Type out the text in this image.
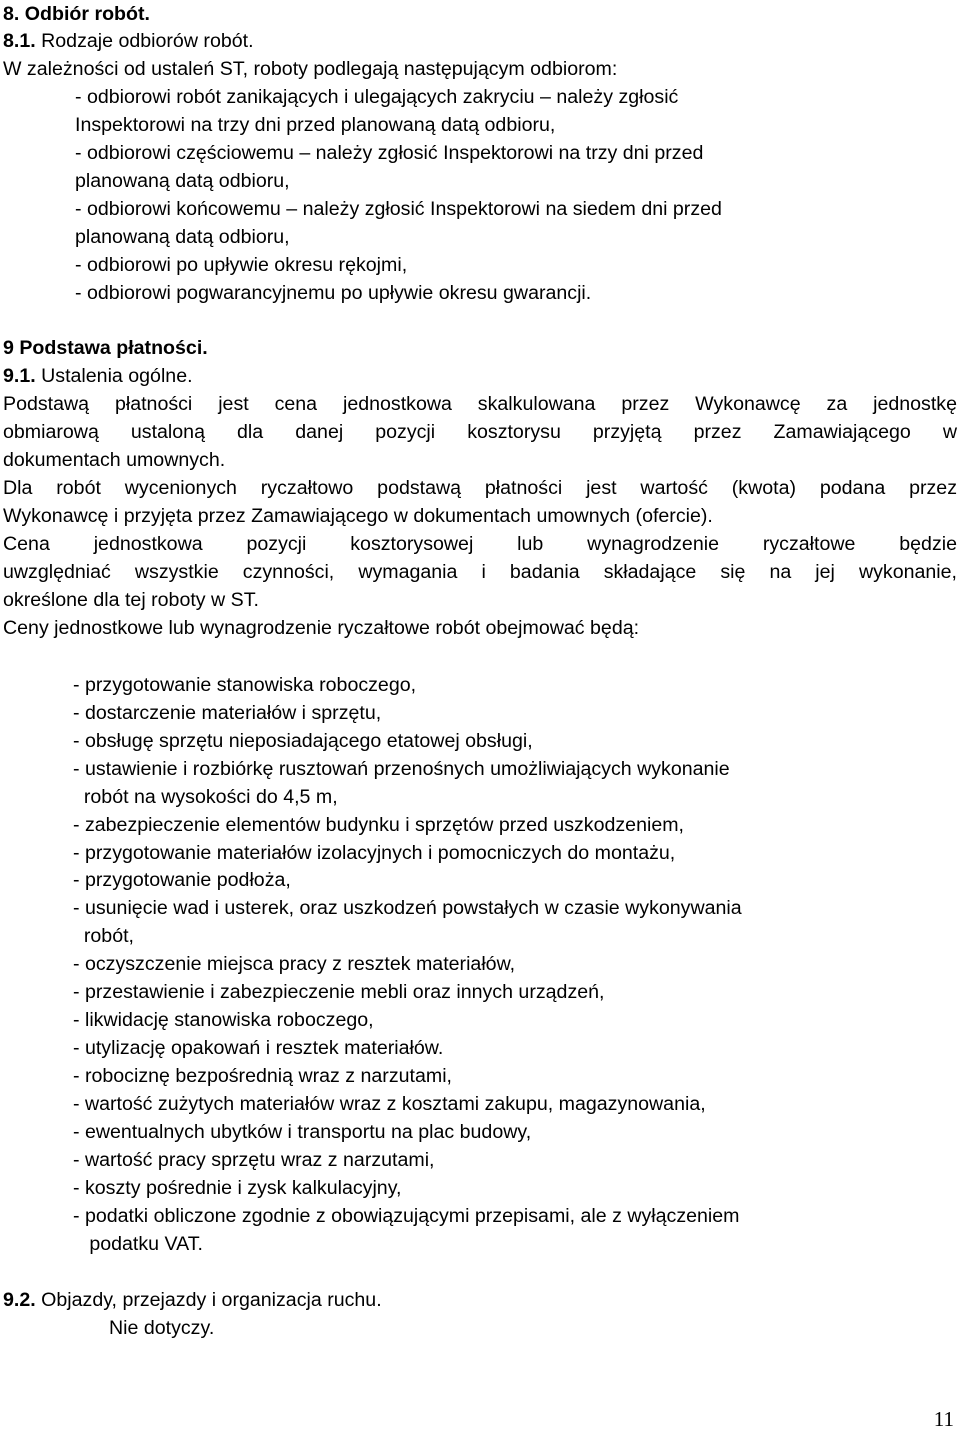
8. Odbiór robót.
8.1. Rodzaje odbiorów robót.
W zależności od ustaleń ST, roboty podlegają następującym odbiorom:
- odbiorowi robót zanikających i ulegających zakryciu – należy zgłosić
Inspektorowi na trzy dni przed planowaną datą odbioru,
- odbiorowi częściowemu – należy zgłosić Inspektorowi na trzy dni przed
planowaną datą odbioru,
- odbiorowi końcowemu – należy zgłosić Inspektorowi na siedem dni przed
planowaną datą odbioru,
- odbiorowi po upływie okresu rękojmi,
- odbiorowi pogwarancyjnemu po upływie okresu gwarancji.
9 Podstawa płatności.
9.1. Ustalenia ogólne.
Podstawą płatności jest cena jednostkowa skalkulowana przez Wykonawcę za jednostkę
obmiarową ustaloną dla danej pozycji kosztorysu przyjętą przez Zamawiającego w
dokumentach umownych.
Dla robót wycenionych ryczałtowo podstawą płatności jest wartość (kwota) podana przez
Wykonawcę i przyjęta przez Zamawiającego w dokumentach umownych (ofercie).
Cena jednostkowa pozycji kosztorysowej lub wynagrodzenie ryczałtowe będzie
uwzględniać wszystkie czynności, wymagania i badania składające się na jej wykonanie,
określone dla tej roboty w ST.
Ceny jednostkowe lub wynagrodzenie ryczałtowe robót obejmować będą:
- przygotowanie stanowiska roboczego,
- dostarczenie materiałów i sprzętu,
- obsługę sprzętu nieposiadającego etatowej obsługi,
- ustawienie i rozbiórkę rusztowań przenośnych umożliwiających wykonanie
robót na wysokości do 4,5 m,
- zabezpieczenie elementów budynku i sprzętów przed uszkodzeniem,
- przygotowanie materiałów izolacyjnych i pomocniczych do montażu,
- przygotowanie podłoża,
- usunięcie wad i usterek, oraz uszkodzeń powstałych w czasie wykonywania
robót,
- oczyszczenie miejsca pracy z resztek materiałów,
- przestawienie i zabezpieczenie mebli oraz innych urządzeń,
- likwidację stanowiska roboczego,
- utylizację opakowań i resztek materiałów.
- robociznę bezpośrednią wraz z narzutami,
- wartość zużytych materiałów wraz z kosztami zakupu, magazynowania,
- ewentualnych ubytków i transportu na plac budowy,
- wartość pracy sprzętu wraz z narzutami,
- koszty pośrednie i zysk kalkulacyjny,
- podatki obliczone zgodnie z obowiązującymi przepisami, ale z wyłączeniem
podatku VAT.
9.2. Objazdy, przejazdy i organizacja ruchu.
Nie dotyczy.
11
